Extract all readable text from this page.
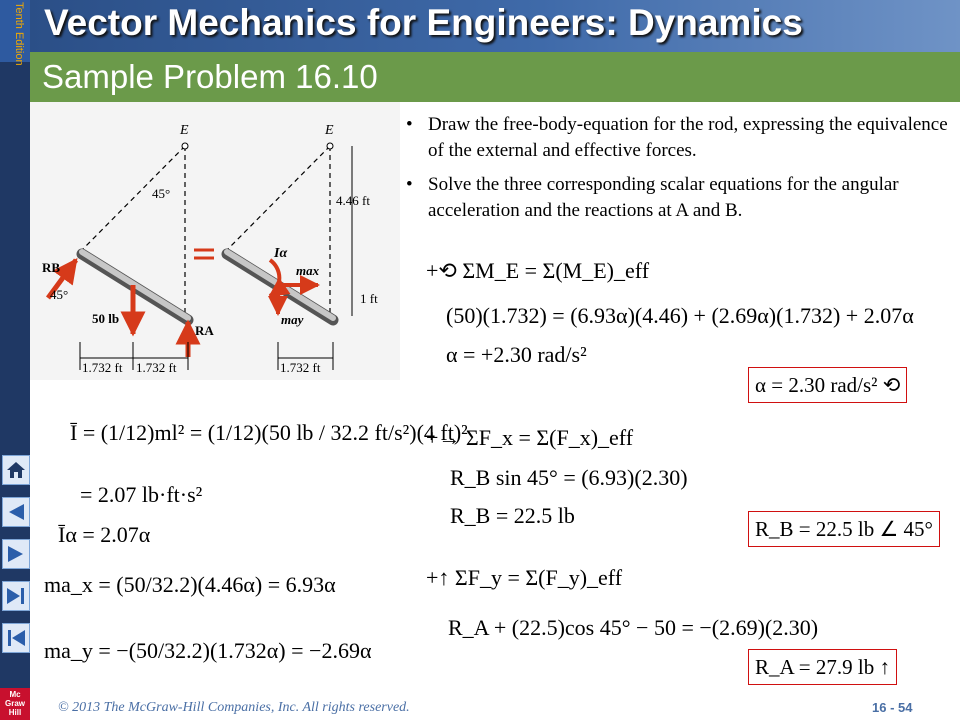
Tenth Edition
Mc
Graw
Hill
Vector Mechanics for Engineers: Dynamics
Sample Problem 16.10
E
45°
RB
45°
50 lb
RA
1.732 ft 1.732 ft
E
4.46 ft
1 ft
Iα
max
may
1.732 ft
• Draw the free-body-equation for the rod, expressing the equivalence of the external and effective forces.
• Solve the three corresponding scalar equations for the angular acceleration and the reactions at A and B.
+⟲ ΣM_E = Σ(M_E)_eff
(50)(1.732) = (6.93α)(4.46) + (2.69α)(1.732) + 2.07α
α = +2.30 rad/s²
α = 2.30 rad/s² ⟲
+→ ΣF_x = Σ(F_x)_eff
R_B sin 45° = (6.93)(2.30)
R_B = 22.5 lb
R_B = 22.5 lb ∠ 45°
+↑ ΣF_y = Σ(F_y)_eff
R_A + (22.5)cos 45° − 50 = −(2.69)(2.30)
R_A = 27.9 lb ↑
Ī = (1/12)ml² = (1/12)(50 lb / 32.2 ft/s²)(4 ft)²
= 2.07 lb·ft·s²
Īα = 2.07α
ma_x = (50/32.2)(4.46α) = 6.93α
ma_y = −(50/32.2)(1.732α) = −2.69α
© 2013 The McGraw-Hill Companies, Inc. All rights reserved.	16 - 54
